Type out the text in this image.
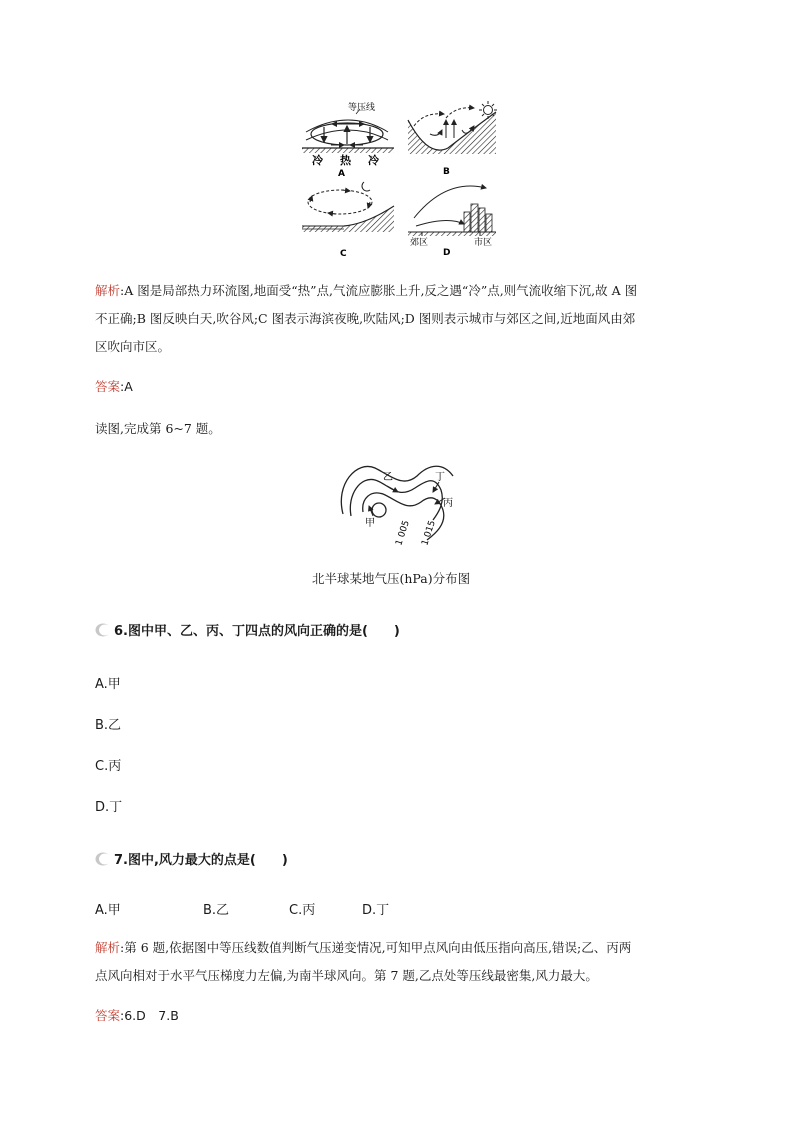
等压线
冷 热 冷
A	B
C
郊区
D
市区
解析:A 图是局部热力环流图,地面受“热”点,气流应膨胀上升,反之遇“冷”点,则气流收缩下沉,故 A 图
不正确;B 图反映白天,吹谷风;C 图表示海滨夜晚,吹陆风;D 图则表示城市与郊区之间,近地面风由郊
区吹向市区。
答案:A
读图,完成第 6~7 题。
乙	丁
丙
甲 1 005 1 015
北半球某地气压(hPa)分布图
6.图中甲、乙、丙、丁四点的风向正确的是(　　)
A.甲
B.乙
C.丙
D.丁
7.图中,风力最大的点是(　　)
A.甲	B.乙	C.丙	D.丁
解析:第 6 题,依据图中等压线数值判断气压递变情况,可知甲点风向由低压指向高压,错误;乙、丙两
点风向相对于水平气压梯度力左偏,为南半球风向。第 7 题,乙点处等压线最密集,风力最大。
答案:6.D　7.B
